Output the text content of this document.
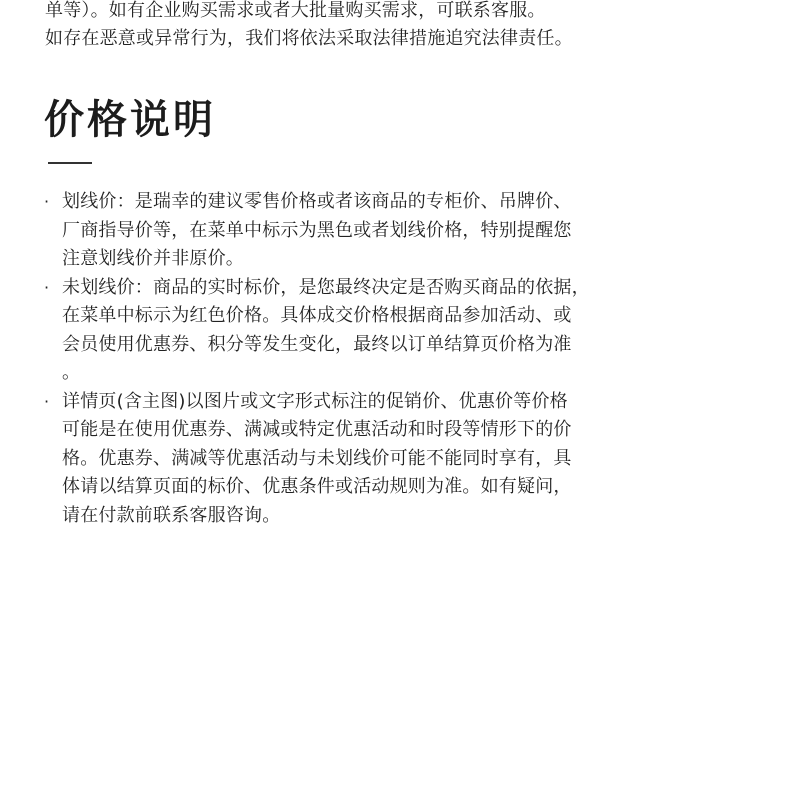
单等）。如有企业购买需求或者大批量购买需求，可联系客服。

如存在恶意或异常行为，我们将依法采取法律措施追究法律责任。

价格说明
· 划线价：是瑞幸的建议零售价格或者该商品的专柜价、吊牌价、
厂商指导价等，在菜单中标示为黑色或者划线价格，特别提醒您
注意划线价并非原价。
· 未划线价：商品的实时标价，是您最终决定是否购买商品的依据，
在菜单中标示为红色价格。具体成交价格根据商品参加活动、或
会员使用优惠券、积分等发生变化，最终以订单结算页价格为准
。
· 详情页(含主图)以图片或文字形式标注的促销价、优惠价等价格
可能是在使用优惠券、满减或特定优惠活动和时段等情形下的价
格。优惠券、满减等优惠活动与未划线价可能不能同时享有，具
体请以结算页面的标价、优惠条件或活动规则为准。如有疑问，
请在付款前联系客服咨询。
